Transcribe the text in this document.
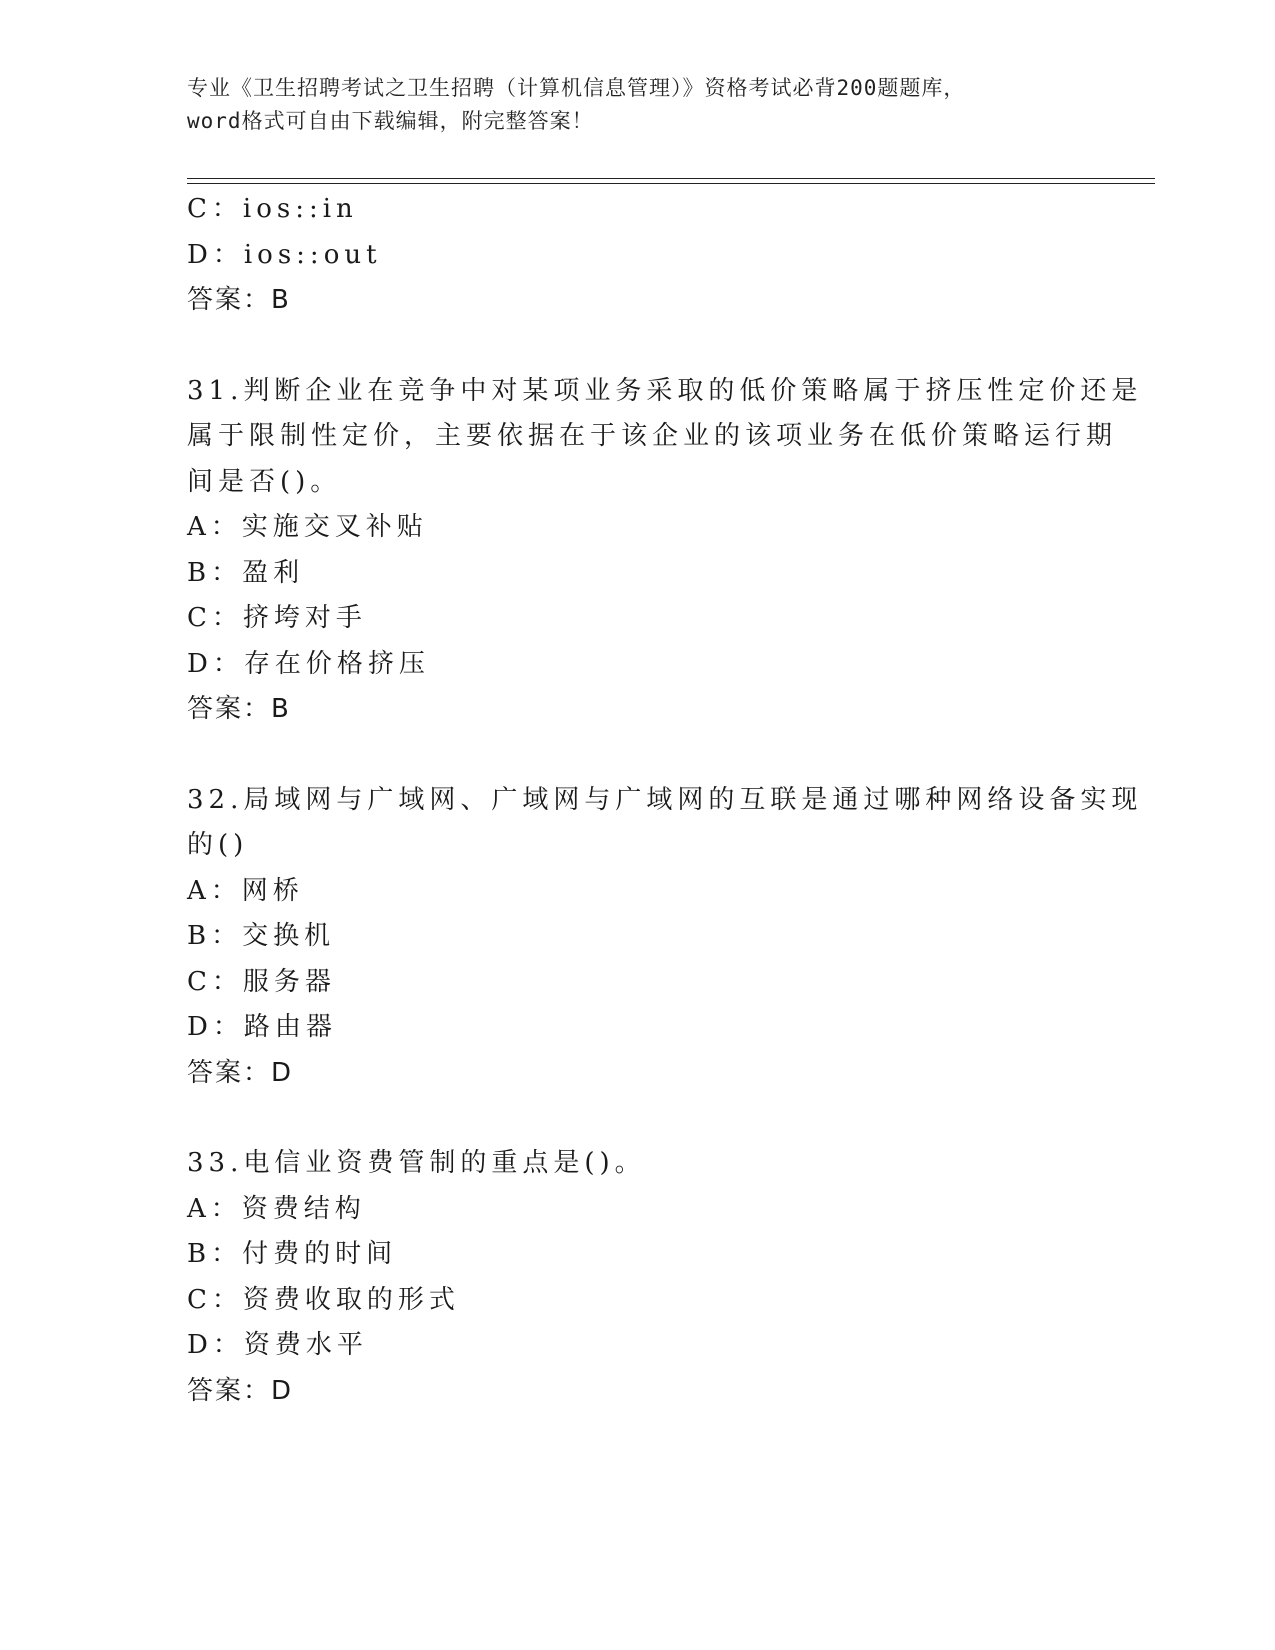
专业《卫生招聘考试之卫生招聘（计算机信息管理）》资格考试必背200题题库，
word格式可自由下载编辑，附完整答案！
C：ios::in
D：ios::out
答案：B
31.判断企业在竞争中对某项业务采取的低价策略属于挤压性定价还是
属于限制性定价，主要依据在于该企业的该项业务在低价策略运行期
间是否()。
A：实施交叉补贴
B：盈利
C：挤垮对手
D：存在价格挤压
答案：B
32.局域网与广域网、广域网与广域网的互联是通过哪种网络设备实现
的()
A：网桥
B：交换机
C：服务器
D：路由器
答案：D
33.电信业资费管制的重点是()。
A：资费结构
B：付费的时间
C：资费收取的形式
D：资费水平
答案：D
